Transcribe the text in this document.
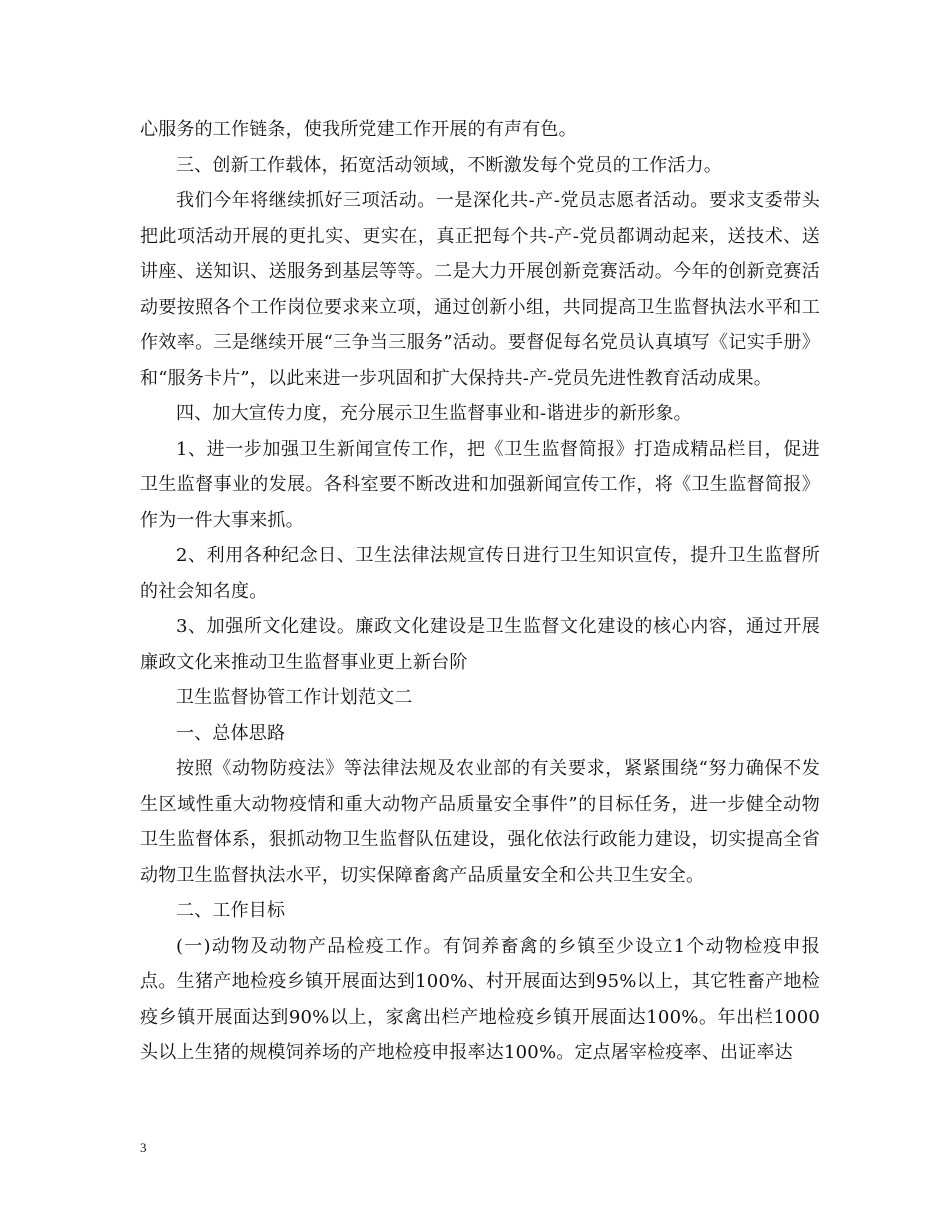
心服务的工作链条，使我所党建工作开展的有声有色。

三、创新工作载体，拓宽活动领域，不断激发每个党员的工作活力。

我们今年将继续抓好三项活动。一是深化共-产-党员志愿者活动。要求支委带头把此项活动开展的更扎实、更实在，真正把每个共-产-党员都调动起来，送技术、送讲座、送知识、送服务到基层等等。二是大力开展创新竞赛活动。今年的创新竞赛活动要按照各个工作岗位要求来立项，通过创新小组，共同提高卫生监督执法水平和工作效率。三是继续开展“三争当三服务”活动。要督促每名党员认真填写《记实手册》和“服务卡片”，以此来进一步巩固和扩大保持共-产-党员先进性教育活动成果。

四、加大宣传力度，充分展示卫生监督事业和-谐进步的新形象。

1、进一步加强卫生新闻宣传工作，把《卫生监督简报》打造成精品栏目，促进卫生监督事业的发展。各科室要不断改进和加强新闻宣传工作，将《卫生监督简报》作为一件大事来抓。

2、利用各种纪念日、卫生法律法规宣传日进行卫生知识宣传，提升卫生监督所的社会知名度。

3、加强所文化建设。廉政文化建设是卫生监督文化建设的核心内容，通过开展廉政文化来推动卫生监督事业更上新台阶

卫生监督协管工作计划范文二

一、总体思路

按照《动物防疫法》等法律法规及农业部的有关要求，紧紧围绕“努力确保不发生区域性重大动物疫情和重大动物产品质量安全事件”的目标任务，进一步健全动物卫生监督体系，狠抓动物卫生监督队伍建设，强化依法行政能力建设，切实提高全省动物卫生监督执法水平，切实保障畜禽产品质量安全和公共卫生安全。

二、工作目标

(一)动物及动物产品检疫工作。有饲养畜禽的乡镇至少设立1个动物检疫申报点。生猪产地检疫乡镇开展面达到100%、村开展面达到95%以上，其它牲畜产地检疫乡镇开展面达到90%以上，家禽出栏产地检疫乡镇开展面达100%。年出栏1000头以上生猪的规模饲养场的产地检疫申报率达100%。定点屠宰检疫率、出证率达

3
